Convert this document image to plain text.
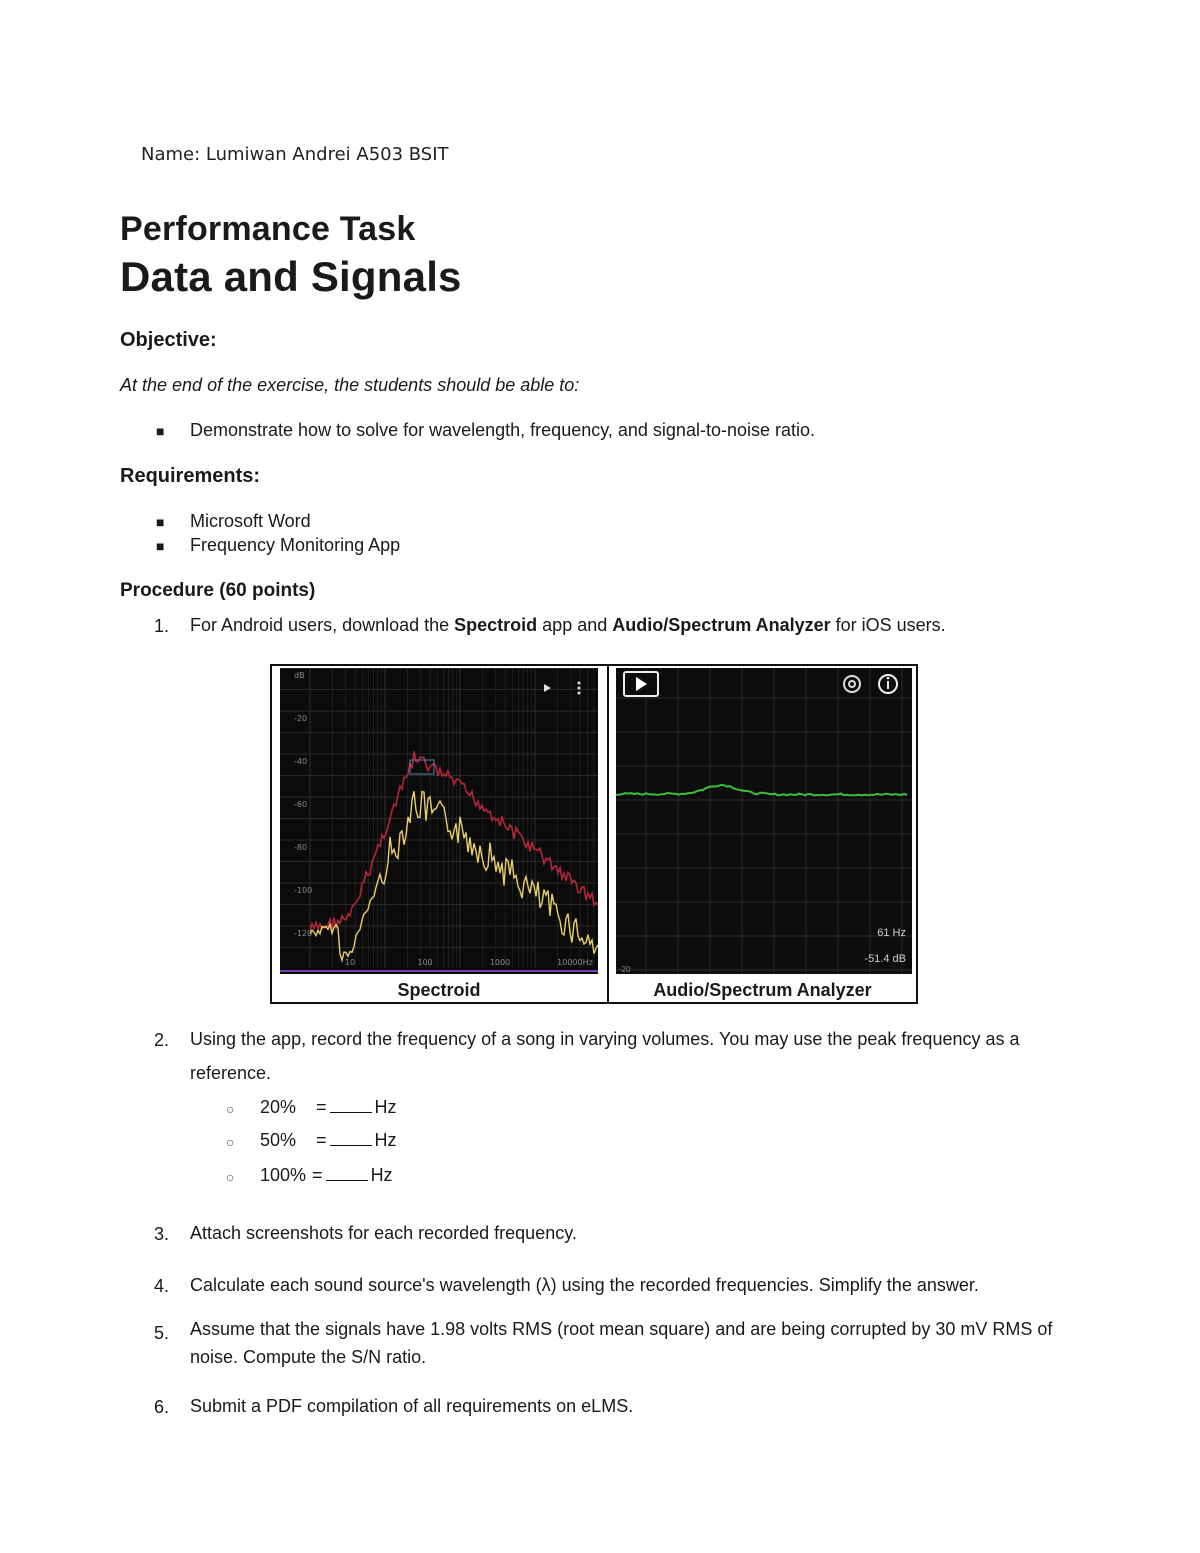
Name: Lumiwan Andrei A503 BSIT
Performance Task
Data and Signals
Objective:
At the end of the exercise, the students should be able to:
■ Demonstrate how to solve for wavelength, frequency, and signal-to-noise ratio.
Requirements:
■ Microsoft Word
■ Frequency Monitoring App
Procedure (60 points)
1. For Android users, download the Spectroid app and Audio/Spectrum Analyzer for iOS users.
dB
-20
-40
-60
-80
-100
-120
10	100	1000	10000Hz
61 Hz
-51.4 dB
-20
Spectroid	Audio/Spectrum Analyzer
2. Using the app, record the frequency of a song in varying volumes. You may use the peak frequency as a reference.
○ 20% =	Hz
○ 50% =	Hz
○ 100% =	Hz
3. Attach screenshots for each recorded frequency.
4. Calculate each sound source's wavelength (λ) using the recorded frequencies. Simplify the answer.
5. Assume that the signals have 1.98 volts RMS (root mean square) and are being corrupted by 30 mV RMS of noise. Compute the S/N ratio.
6. Submit a PDF compilation of all requirements on eLMS.
